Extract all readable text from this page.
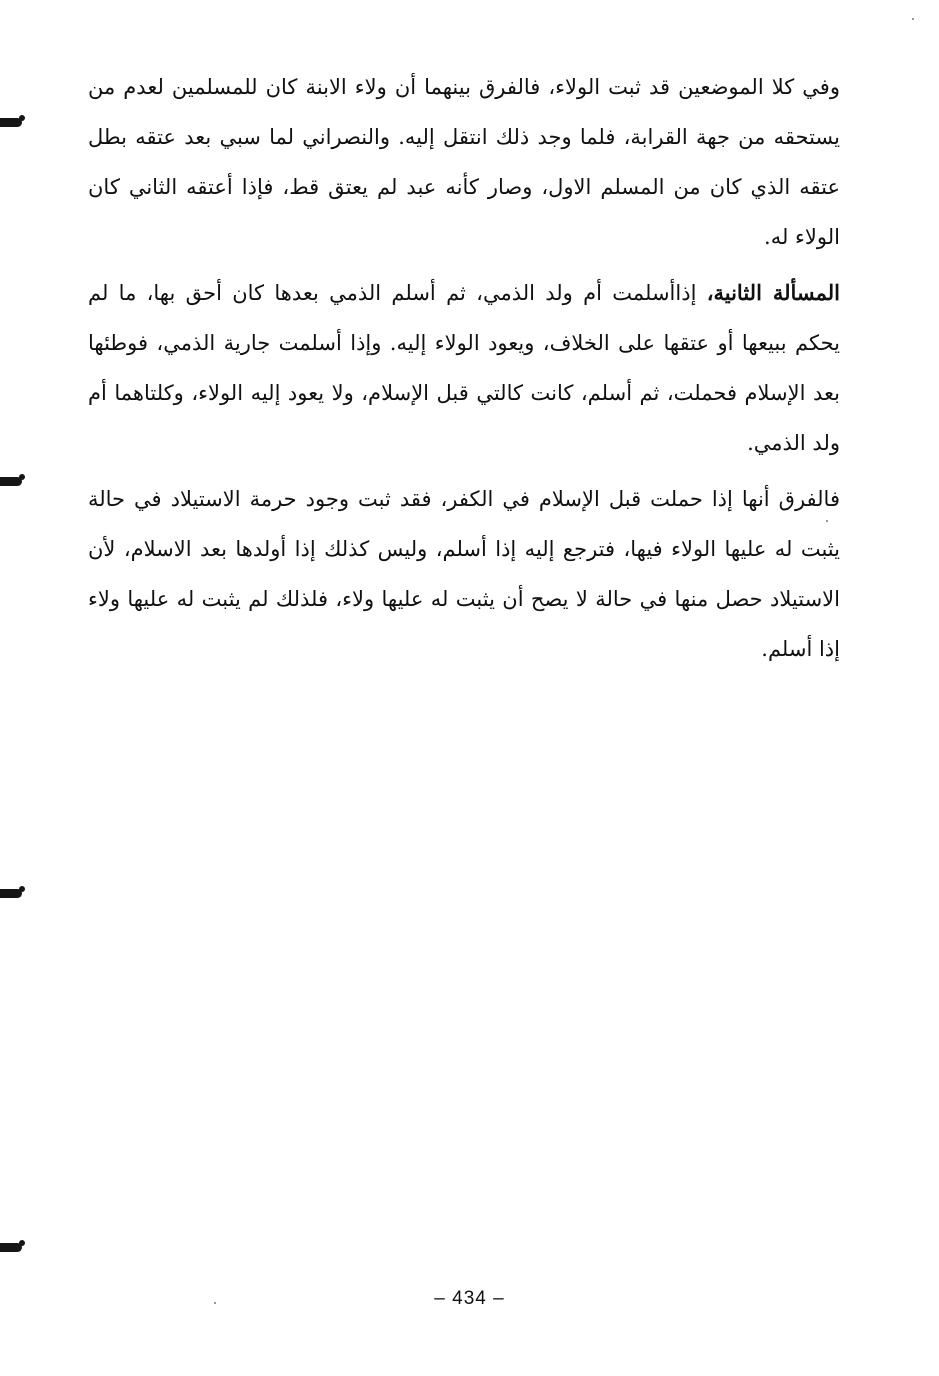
وفي كلا الموضعين قد ثبت الولاء، فالفرق بينهما أن ولاء الابنة كان للمسلمين لعدم من يستحقه من جهة القرابة، فلما وجد ذلك انتقل إليه. والنصراني لما سبي بعد عتقه بطل عتقه الذي كان من المسلم الاول، وصار كأنه عبد لم يعتق قط، فإذا أعتقه الثاني كان الولاء له.

المسألة الثانية، إذاأسلمت أم ولد الذمي، ثم أسلم الذمي بعدها كان أحق بها، ما لم يحكم ببيعها أو عتقها على الخلاف، ويعود الولاء إليه. وإذا أسلمت جارية الذمي، فوطئها بعد الإسلام فحملت، ثم أسلم، كانت كالتي قبل الإسلام، ولا يعود إليه الولاء، وكلتاهما أم ولد الذمي.

فالفرق أنها إذا حملت قبل الإسلام في الكفر، فقد ثبت وجود حرمة الاستيلاد في حالة يثبت له عليها الولاء فيها، فترجع إليه إذا أسلم، وليس كذلك إذا أولدها بعد الاسلام، لأن الاستيلاد حصل منها في حالة لا يصح أن يثبت له عليها ولاء، فلذلك لم يثبت له عليها ولاء إذا أسلم.

– 434 –
